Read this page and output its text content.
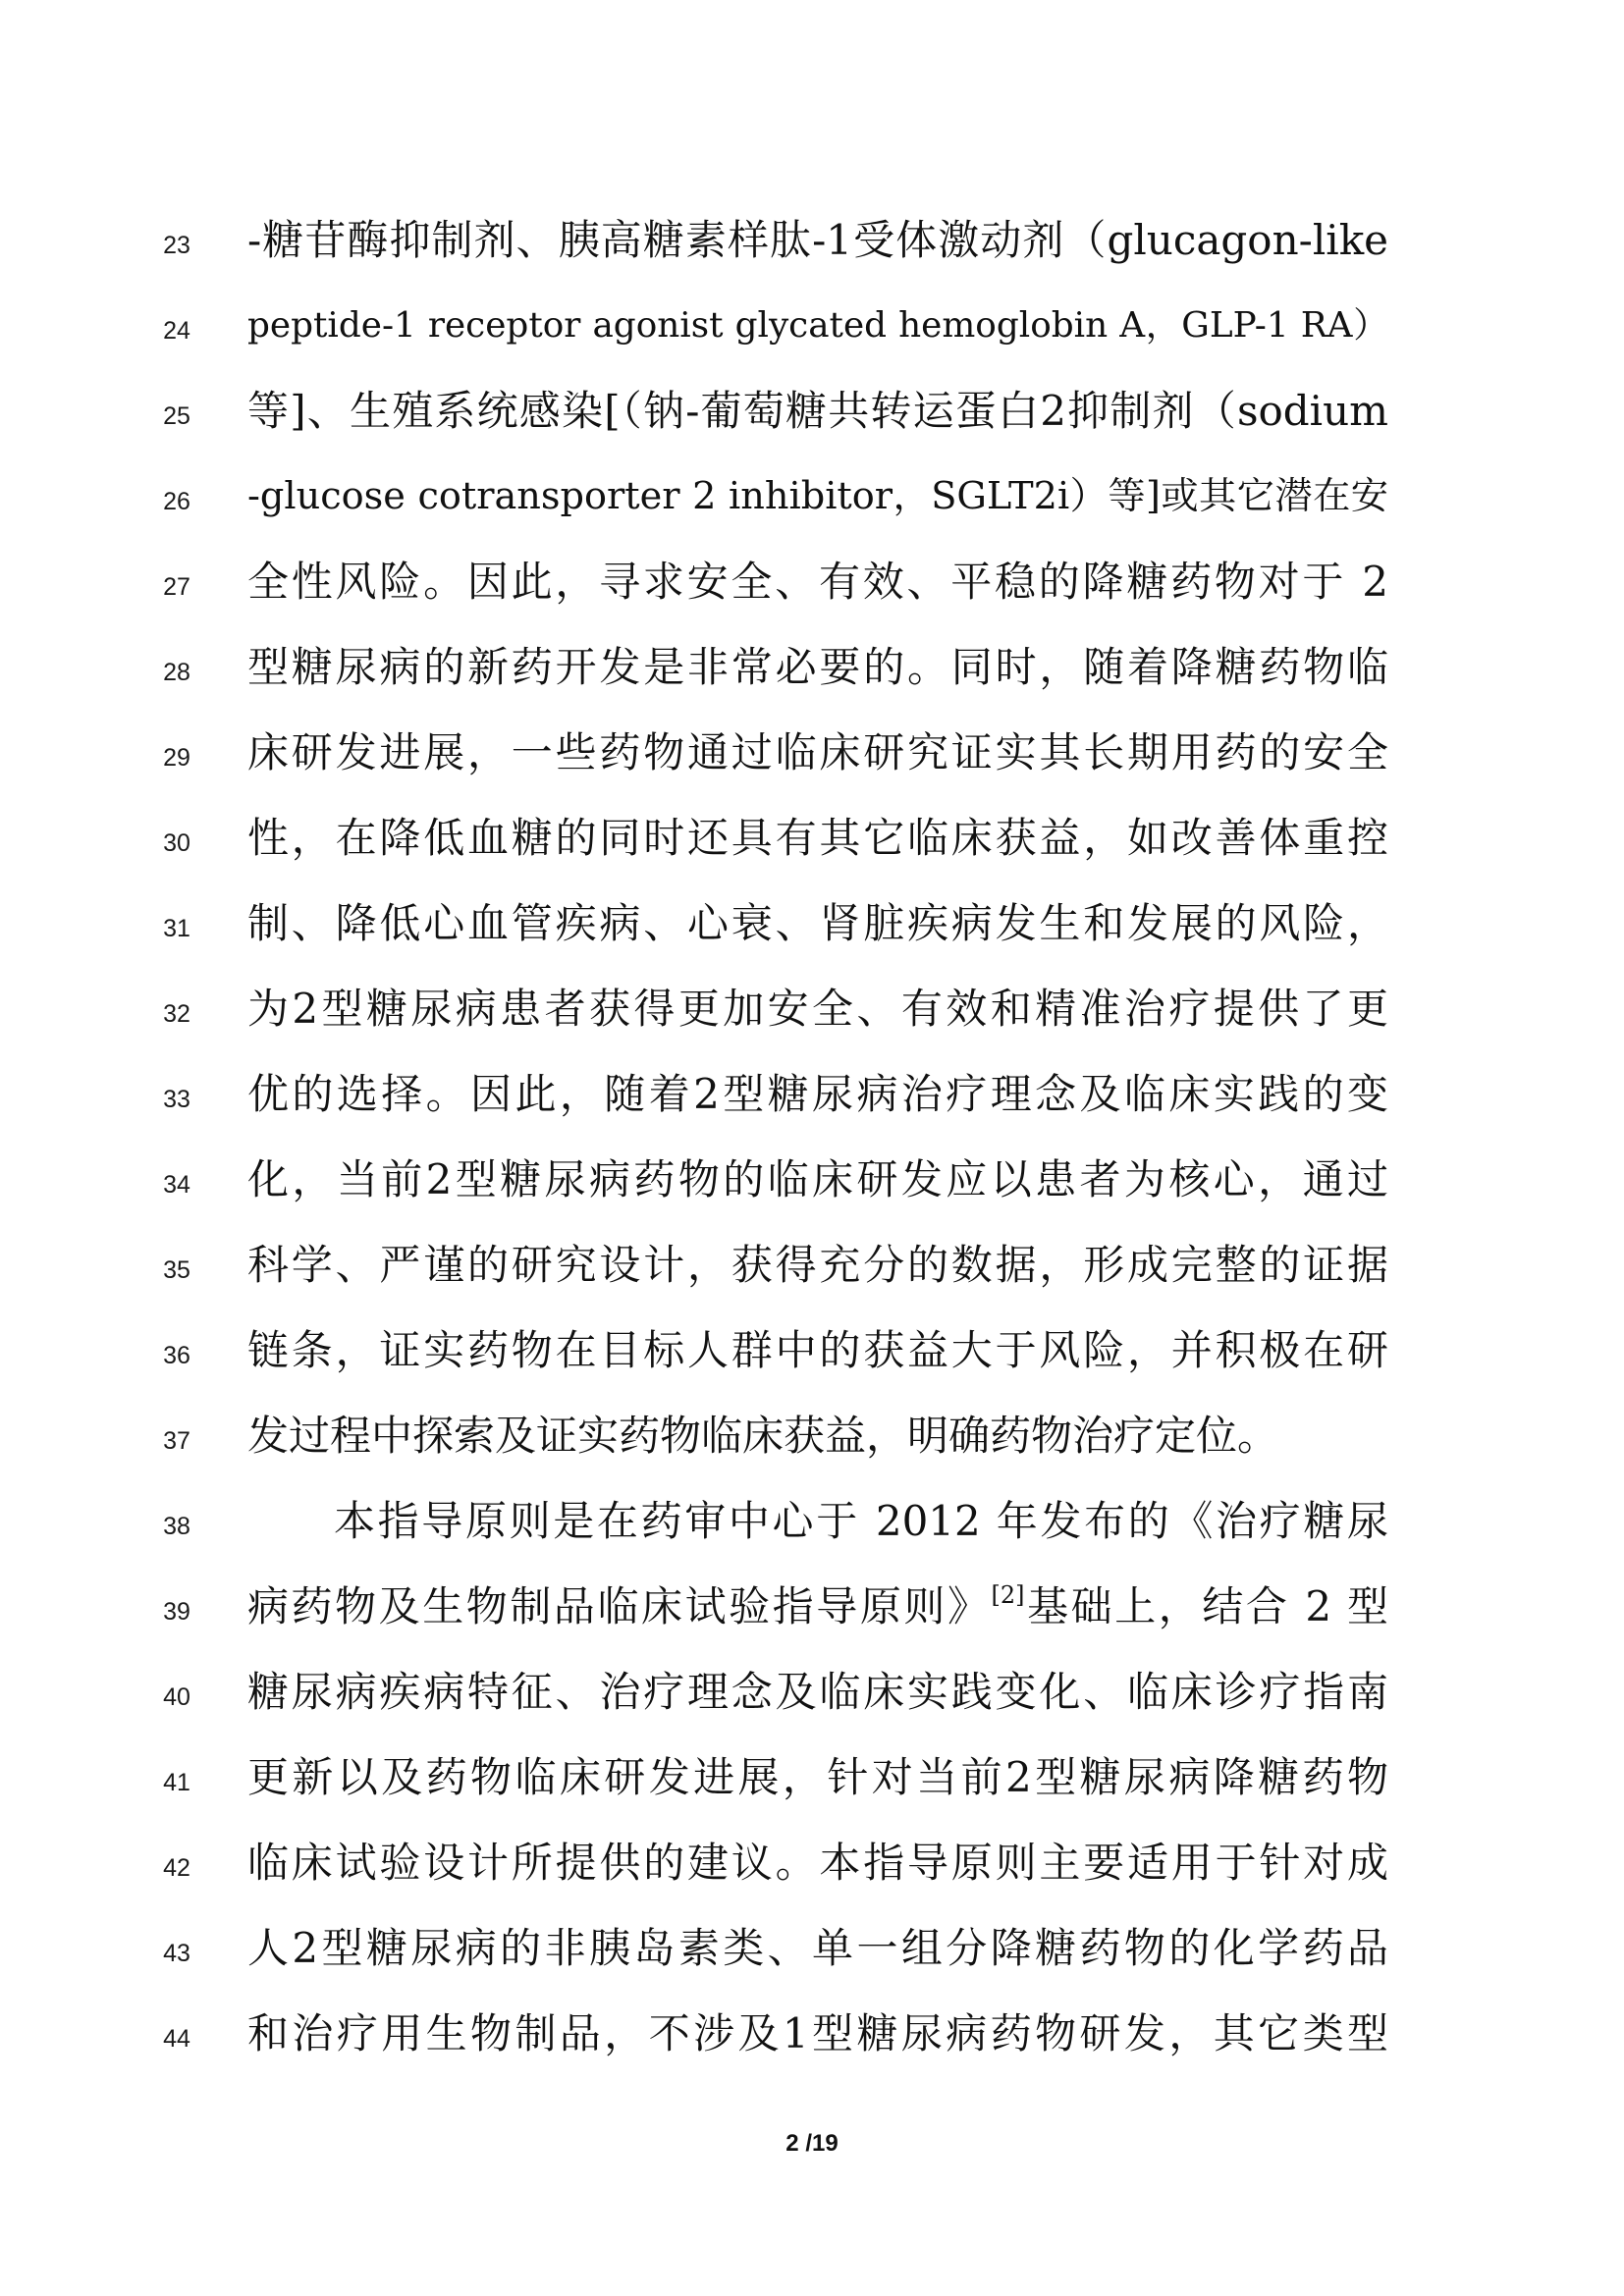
23	-糖苷酶抑制剂、胰高糖素样肽-1受体激动剂（glucagon‑like
24	peptide‑1 receptor agonist glycated hemoglobin A，GLP-1 RA）
25	等]、生殖系统感染[（钠-葡萄糖共转运蛋白2抑制剂（sodium
26	‑glucose cotransporter 2 inhibitor，SGLT2i）等]或其它潜在安
27	全性风险。因此，寻求安全、有效、平稳的降糖药物对于 2
28	型糖尿病的新药开发是非常必要的。同时，随着降糖药物临
29	床研发进展，一些药物通过临床研究证实其长期用药的安全
30	性，在降低血糖的同时还具有其它临床获益，如改善体重控
31	制、降低心血管疾病、心衰、肾脏疾病发生和发展的风险，
32	为2型糖尿病患者获得更加安全、有效和精准治疗提供了更
33	优的选择。因此，随着2型糖尿病治疗理念及临床实践的变
34	化，当前2型糖尿病药物的临床研发应以患者为核心，通过
35	科学、严谨的研究设计，获得充分的数据，形成完整的证据
36	链条，证实药物在目标人群中的获益大于风险，并积极在研
37	发过程中探索及证实药物临床获益，明确药物治疗定位。
38	本指导原则是在药审中心于 2012 年发布的《治疗糖尿
39	病药物及生物制品临床试验指导原则》[2]基础上，结合 2 型
40	糖尿病疾病特征、治疗理念及临床实践变化、临床诊疗指南
41	更新以及药物临床研发进展，针对当前2型糖尿病降糖药物
42	临床试验设计所提供的建议。本指导原则主要适用于针对成
43	人2型糖尿病的非胰岛素类、单一组分降糖药物的化学药品
44	和治疗用生物制品，不涉及1型糖尿病药物研发，其它类型
2 /19
